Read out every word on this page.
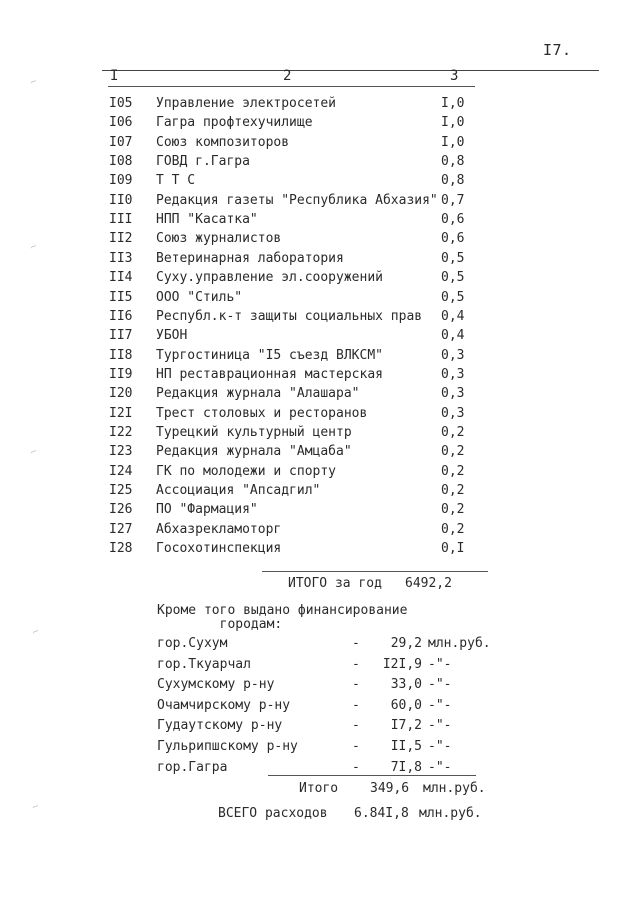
I7.
I	2	3
I05 Управление электросетей	I,0
I06 Гагра профтехучилище	I,0
I07 Союз композиторов	I,0
I08 ГОВД г.Гагра	0,8
I09 Т Т С	0,8
II0 Редакция газеты "Республика Абхазия" 0,7
III НПП "Касатка"	0,6
II2 Союз журналистов	0,6
II3 Ветеринарная лаборатория	0,5
II4 Суху.управление эл.сооружений	0,5
II5 ООО "Стиль"	0,5
II6 Республ.к-т защиты социальных прав 0,4
II7 УБОН	0,4
II8 Тургостиница "I5 съезд ВЛКСМ"	0,3
II9 НП реставрационная мастерская	0,3
I20 Редакция журнала "Алашара"	0,3
I2I Трест столовых и ресторанов	0,3
I22 Турецкий культурный центр	0,2
I23 Редакция журнала "Амцаба"	0,2
I24 ГК по молодежи и спорту	0,2
I25 Ассоциация "Апсадгил"	0,2
I26 ПО "Фармация"	0,2
I27 Абхазрекламоторг	0,2
I28 Госохотинспекция	0,I
ИТОГО за год 6492,2
Кроме того выдано финансирование
городам:
гор.Сухум	-	29,2 млн.руб.
гор.Ткуарчал	-	I2I,9 -"-
Сухумскому р-ну	-	33,0 -"-
Очамчирскому р-ну	-	60,0 -"-
Гудаутскому р-ну	-	I7,2 -"-
Гульрипшскому р-ну	-	II,5 -"-
гор.Гагра	-	7I,8 -"-
Итого 349,6 млн.руб.
ВСЕГО расходов 6.84I,8 млн.руб.
~
~
~
~
~
